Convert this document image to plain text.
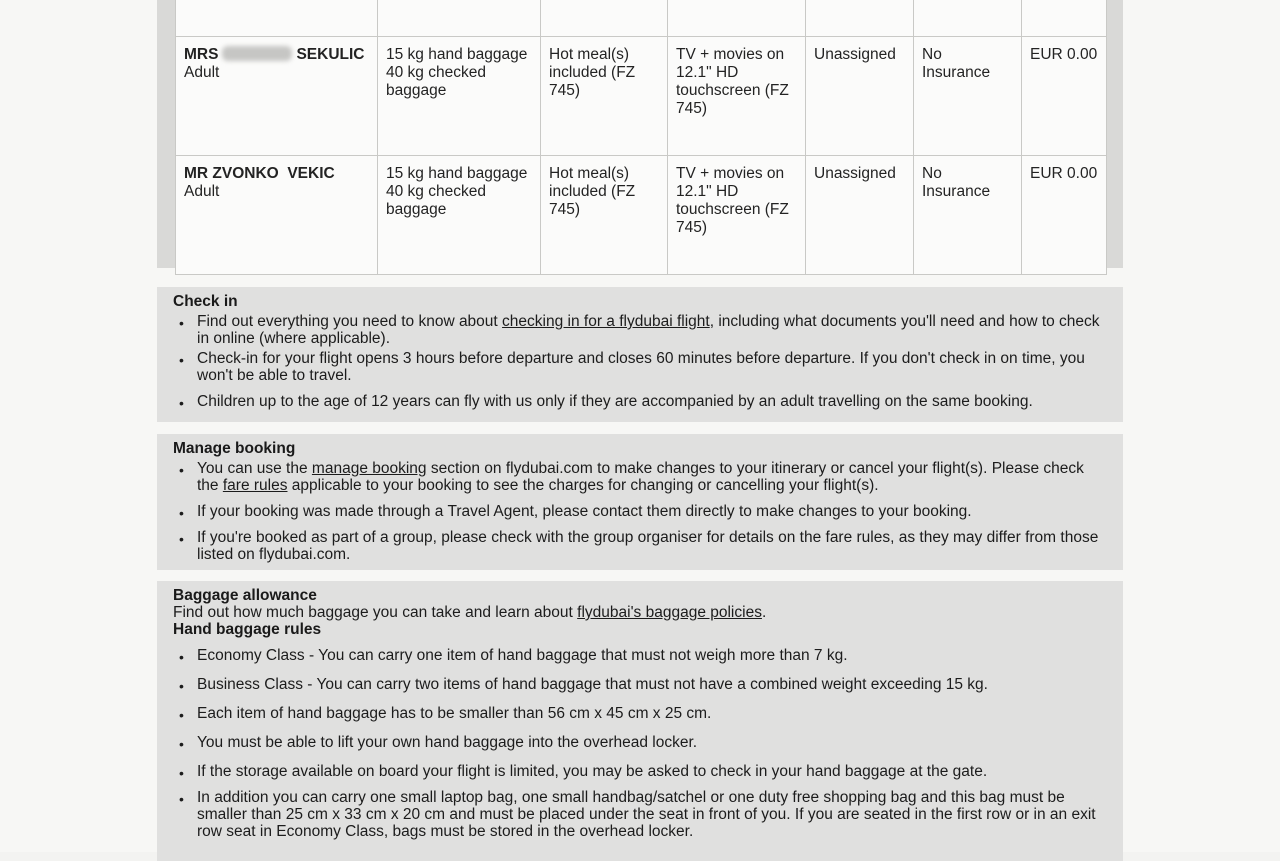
MRS SEKULIC
Adult	15 kg hand baggage 40 kg checked baggage	Hot meal(s) included (FZ 745)	TV + movies on 12.1" HD touchscreen (FZ 745)	Unassigned	No Insurance	EUR 0.00

MR ZVONKO VEKIC
Adult	15 kg hand baggage 40 kg checked baggage	Hot meal(s) included (FZ 745)	TV + movies on 12.1" HD touchscreen (FZ 745)	Unassigned	No Insurance	EUR 0.00
Check in
• Find out everything you need to know about checking in for a flydubai flight, including what documents you'll need and how to check in online (where applicable).
• Check-in for your flight opens 3 hours before departure and closes 60 minutes before departure. If you don't check in on time, you won't be able to travel.
• Children up to the age of 12 years can fly with us only if they are accompanied by an adult travelling on the same booking.
Manage booking
• You can use the manage booking section on flydubai.com to make changes to your itinerary or cancel your flight(s). Please check the fare rules applicable to your booking to see the charges for changing or cancelling your flight(s).
• If your booking was made through a Travel Agent, please contact them directly to make changes to your booking.
• If you're booked as part of a group, please check with the group organiser for details on the fare rules, as they may differ from those listed on flydubai.com.
Baggage allowance

Find out how much baggage you can take and learn about flydubai's baggage policies.

Hand baggage rules
• Economy Class - You can carry one item of hand baggage that must not weigh more than 7 kg.
• Business Class - You can carry two items of hand baggage that must not have a combined weight exceeding 15 kg.
• Each item of hand baggage has to be smaller than 56 cm x 45 cm x 25 cm.
• You must be able to lift your own hand baggage into the overhead locker.
• If the storage available on board your flight is limited, you may be asked to check in your hand baggage at the gate.
• In addition you can carry one small laptop bag, one small handbag/satchel or one duty free shopping bag and this bag must be smaller than 25 cm x 33 cm x 20 cm and must be placed under the seat in front of you. If you are seated in the first row or in an exit row seat in Economy Class, bags must be stored in the overhead locker.
